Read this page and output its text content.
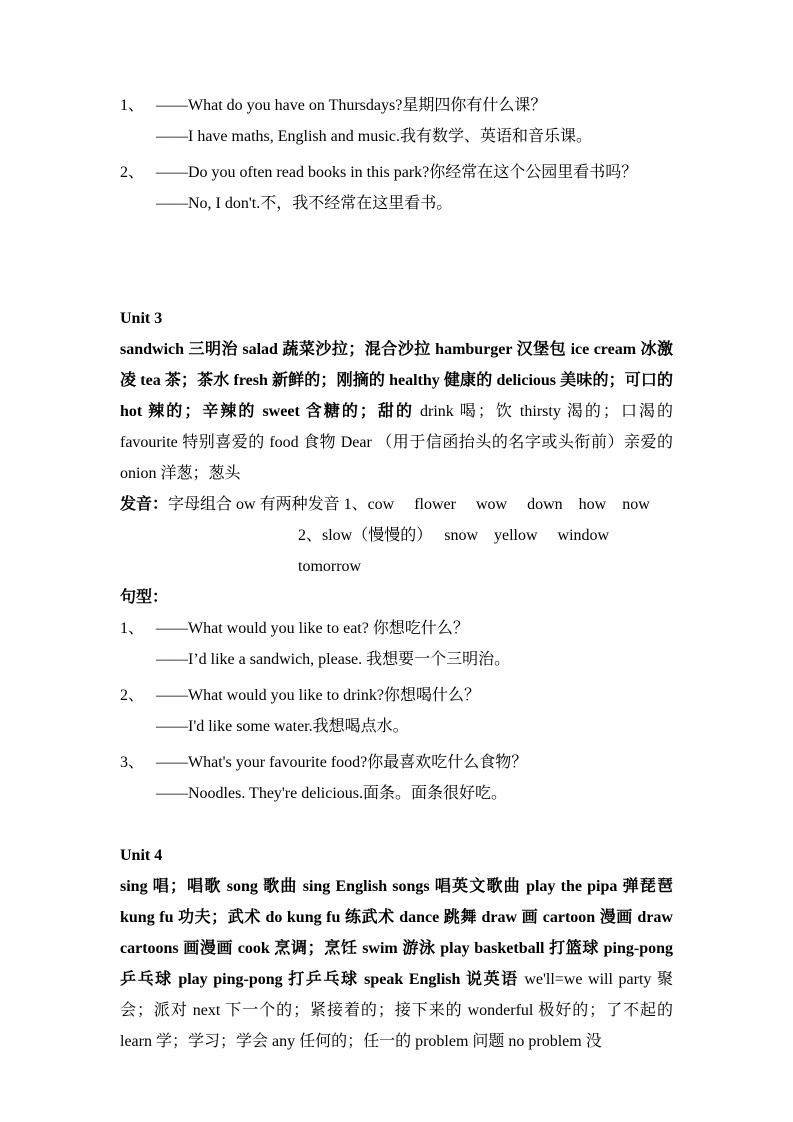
1、 ——What do you have on Thursdays?星期四你有什么课？
——I have maths, English and music.我有数学、英语和音乐课。
2、 ——Do you often read books in this park?你经常在这个公园里看书吗？
——No, I don't.不，我不经常在这里看书。
Unit 3

sandwich 三明治 salad 蔬菜沙拉；混合沙拉 hamburger 汉堡包 ice cream 冰激凌 tea 茶；茶水 fresh 新鲜的；刚摘的 healthy 健康的 delicious 美味的；可口的 hot 辣的；辛辣的 sweet 含糖的；甜的 drink 喝；饮 thirsty 渴的；口渴的 favourite 特别喜爱的 food 食物 Dear （用于信函抬头的名字或头衔前）亲爱的 onion 洋葱；葱头

发音：字母组合 ow 有两种发音 1、cow　 flower　 wow　 down　how　now
2、slow（慢慢的）　 snow　yellow　 window　tomorrow
句型：
1、 ——What would you like to eat? 你想吃什么？
——I’d like a sandwich, please. 我想要一个三明治。
2、 ——What would you like to drink?你想喝什么？
——I'd like some water.我想喝点水。
3、 ——What's your favourite food?你最喜欢吃什么食物？
——Noodles. They're delicious.面条。面条很好吃。
Unit 4

sing 唱；唱歌 song 歌曲 sing English songs 唱英文歌曲 play the pipa 弹琵琶 kung fu 功夫；武术 do kung fu 练武术 dance 跳舞 draw 画 cartoon 漫画 draw cartoons 画漫画 cook 烹调；烹饪 swim 游泳 play basketball 打篮球 ping-pong 乒乓球 play ping-pong 打乒乓球 speak English 说英语 we'll=we will party 聚会；派对 next 下一个的；紧接着的；接下来的 wonderful 极好的；了不起的 learn 学；学习；学会 any 任何的；任一的 problem 问题 no problem 没
